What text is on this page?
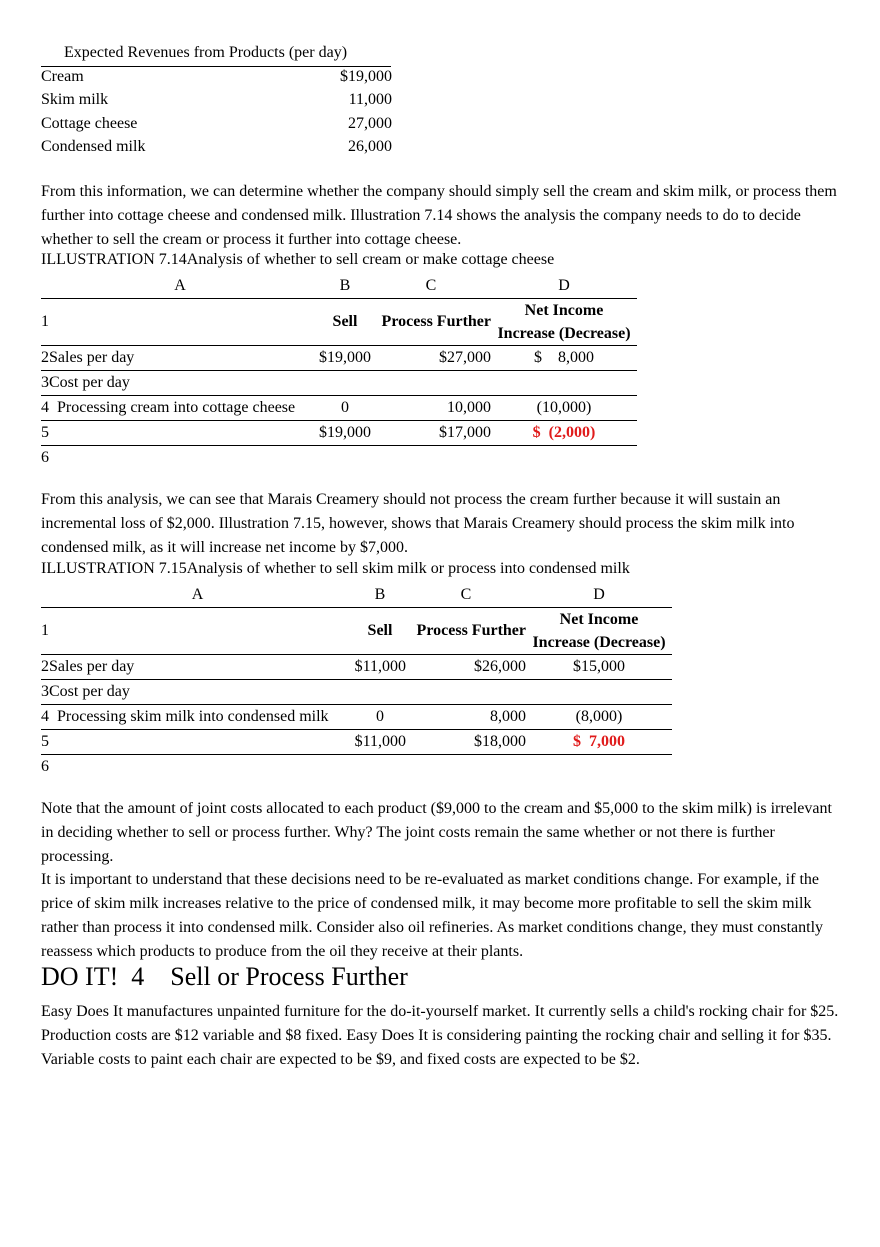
Expected Revenues from Products (per day)
Cream	$19,000
Skim milk	11,000
Cottage cheese	27,000
Condensed milk	26,000
From this information, we can determine whether the company should simply sell the cream and skim milk, or process them further into cottage cheese and condensed milk. Illustration 7.14 shows the analysis the company needs to do to decide whether to sell the cream or process it further into cottage cheese.
ILLUSTRATION 7.14Analysis of whether to sell cream or make cottage cheese
A	B	C	D
1	Sell	Process Further	Net Income
Increase (Decrease)

2Sales per day	$19,000	$27,000	$    8,000
3Cost per day			
4  Processing cream into cottage cheese	0	10,000	(10,000)
5	$19,000	$17,000	$  (2,000)
6			
From this analysis, we can see that Marais Creamery should not process the cream further because it will sustain an incremental loss of $2,000. Illustration 7.15, however, shows that Marais Creamery should process the skim milk into condensed milk, as it will increase net income by $7,000.
ILLUSTRATION 7.15Analysis of whether to sell skim milk or process into condensed milk
A	B	C	D
1	Sell	Process Further	Net Income
Increase (Decrease)

2Sales per day	$11,000	$26,000	$15,000
3Cost per day			
4  Processing skim milk into condensed milk	0	8,000	(8,000)
5	$11,000	$18,000	$  7,000
6			
Note that the amount of joint costs allocated to each product ($9,000 to the cream and $5,000 to the skim milk) is irrelevant in deciding whether to sell or process further. Why? The joint costs remain the same whether or not there is further processing.
It is important to understand that these decisions need to be re-evaluated as market conditions change. For example, if the price of skim milk increases relative to the price of condensed milk, it may become more profitable to sell the skim milk rather than process it into condensed milk. Consider also oil refineries. As market conditions change, they must constantly reassess which products to produce from the oil they receive at their plants.
DO IT!  4    Sell or Process Further
Easy Does It manufactures unpainted furniture for the do-it-yourself market. It currently sells a child's rocking chair for $25. Production costs are $12 variable and $8 fixed. Easy Does It is considering painting the rocking chair and selling it for $35. Variable costs to paint each chair are expected to be $9, and fixed costs are expected to be $2.
